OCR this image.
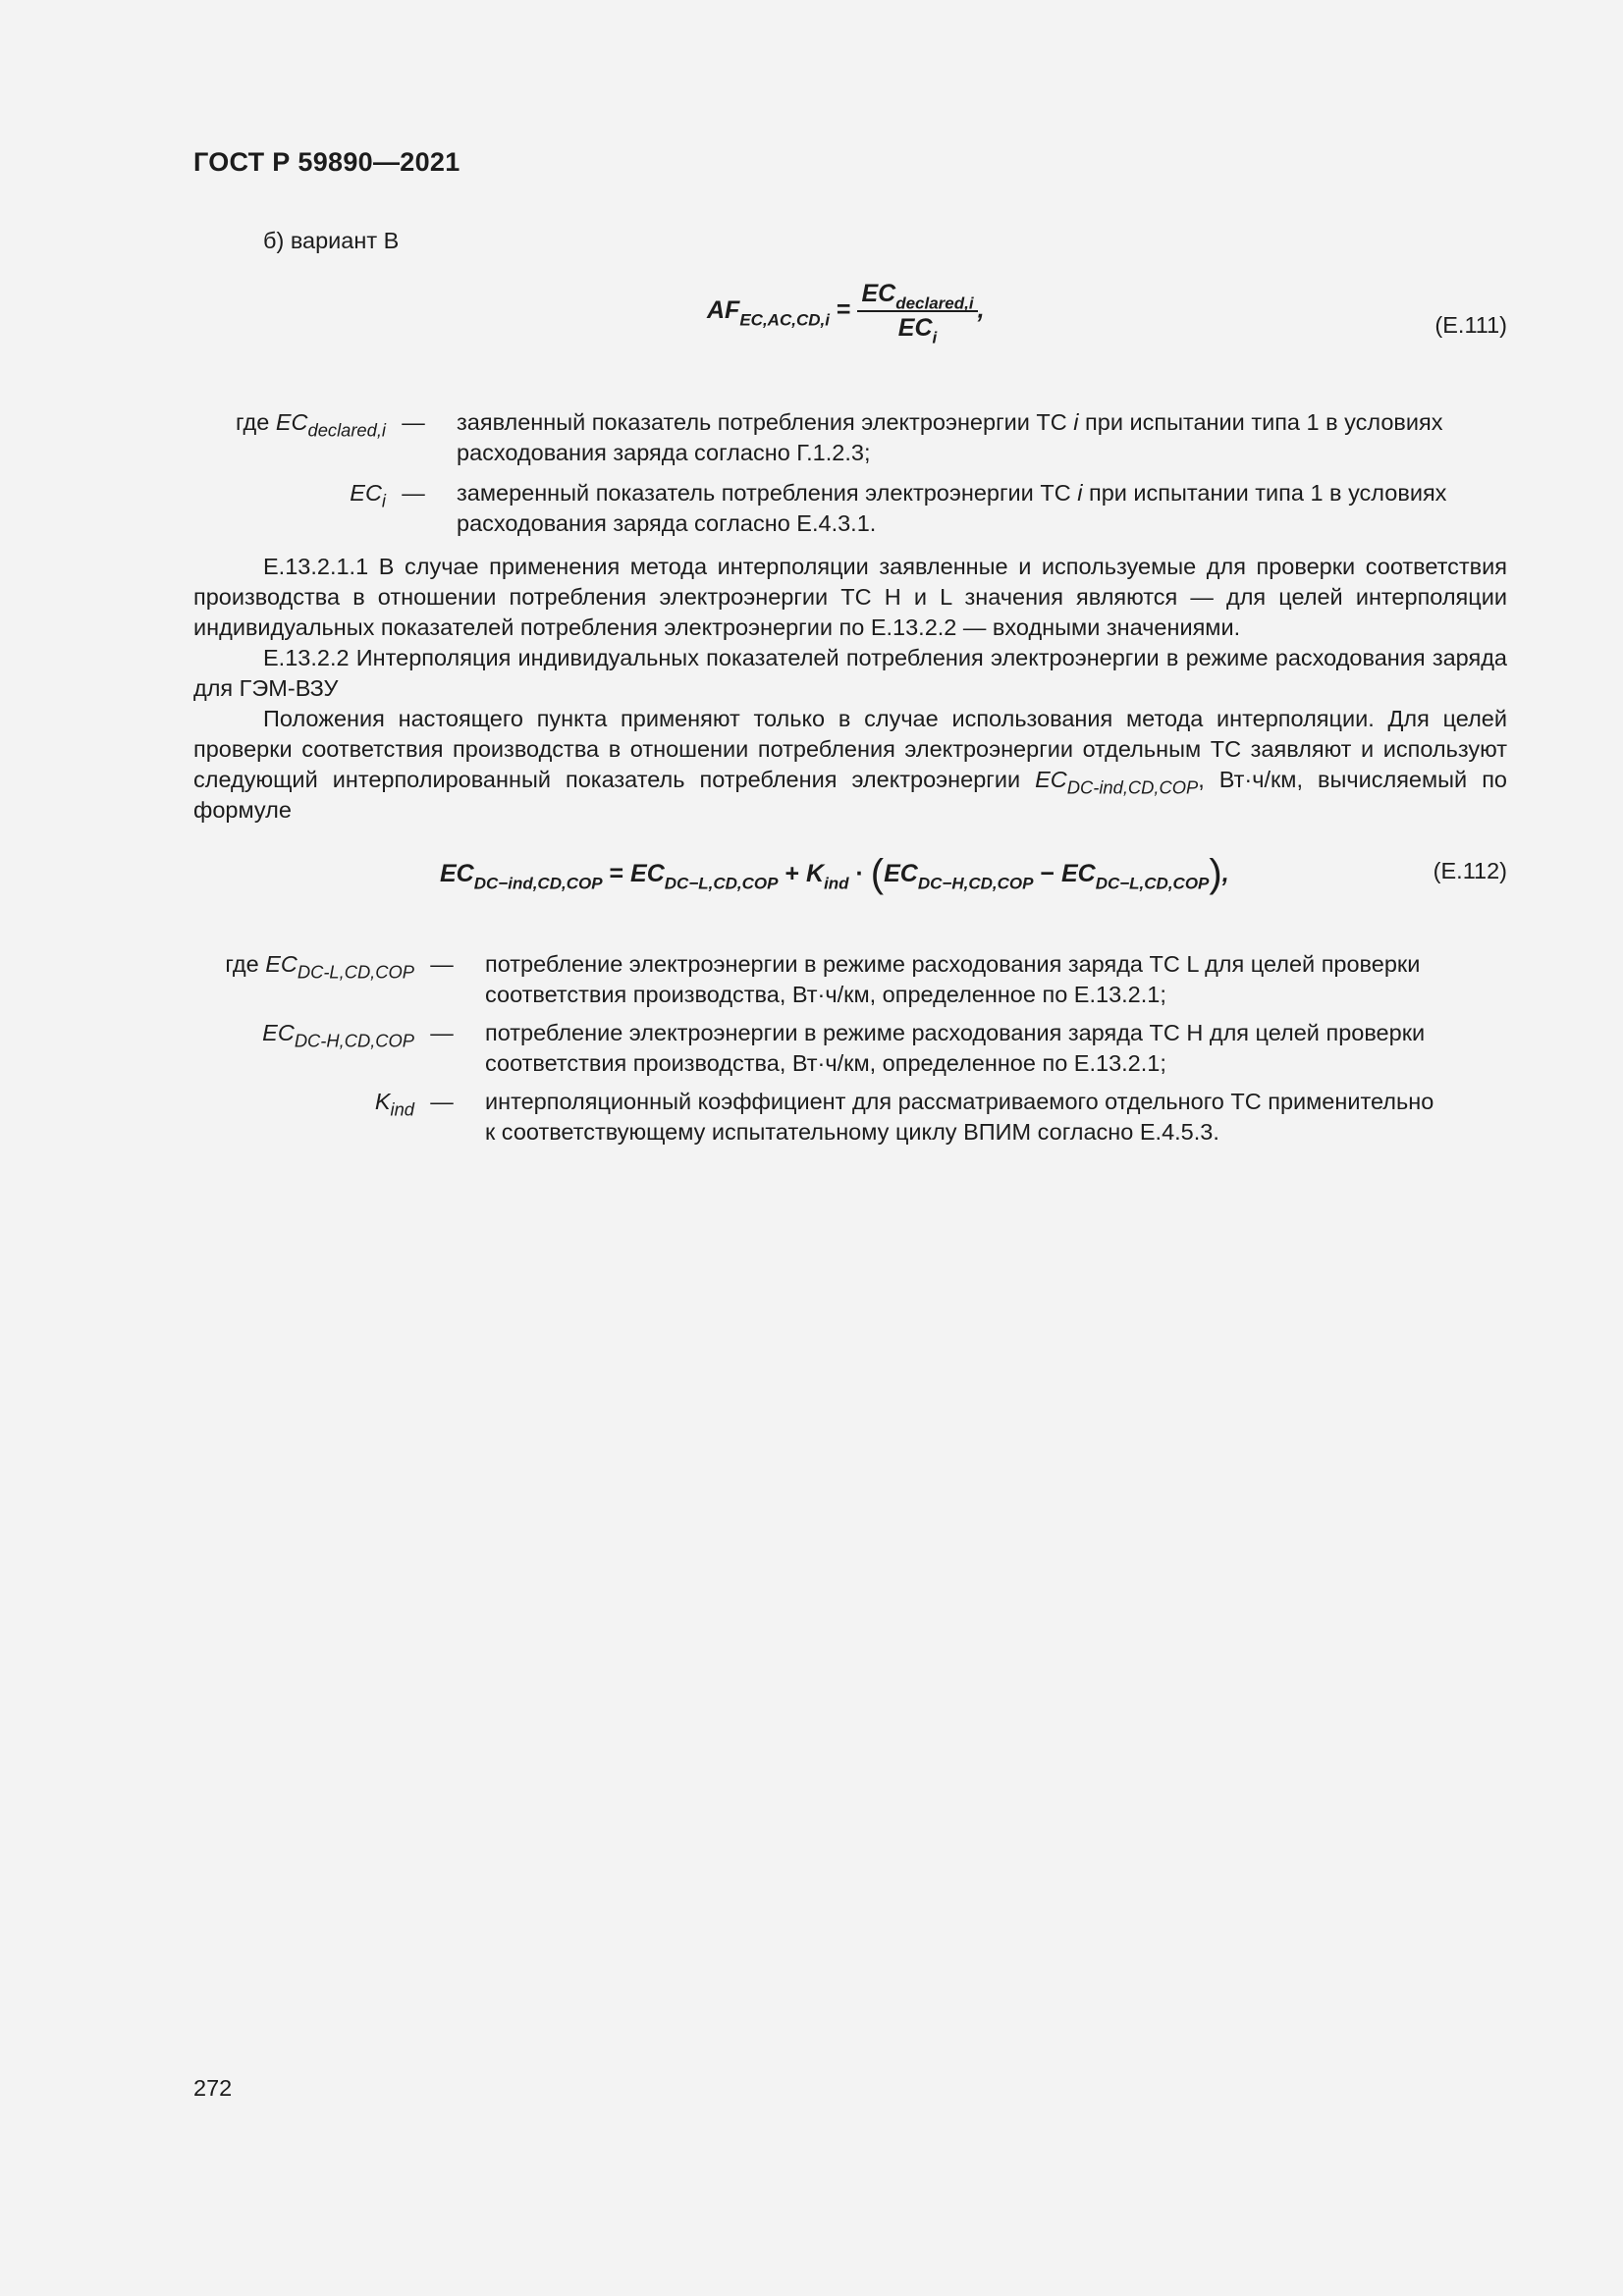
ГОСТ Р 59890—2021
б) вариант В
$AF_{EC,AC,CD,i} = \frac{EC_{declared,i}}{EC_i}$ ,
(Е.111)
где $EC_{declared,i}$ —	заявленный показатель потребления электроэнергии ТС i при испытании типа 1 в условиях
расходования заряда согласно Г.1.2.3;
$EC_i$ —	замеренный показатель потребления электроэнергии ТС i при испытании типа 1 в условиях
расходования заряда согласно Е.4.3.1.

Е.13.2.1.1 В случае применения метода интерполяции заявленные и используемые для проверки соответствия производства в отношении потребления электроэнергии ТС Н и L значения являются — для целей интерполяции индивидуальных показателей потребления электроэнергии по Е.13.2.2 — входными значениями.

Е.13.2.2 Интерполяция индивидуальных показателей потребления электроэнергии в режиме расходования заряда для ГЭМ-ВЗУ

Положения настоящего пункта применяют только в случае использования метода интерполяции. Для целей проверки соответствия производства в отношении потребления электроэнергии отдельным ТС заявляют и используют следующий интерполированный показатель потребления электроэнергии $EC_{DC-ind,CD,COP}$, Вт·ч/км, вычисляемый по формуле

$EC_{DC-ind,CD,COP} = EC_{DC-L,CD,COP} + K_{ind} \cdot (EC_{DC-H,CD,COP} - EC_{DC-L,CD,COP})$,	(Е.112)
где $EC_{DC-L,CD,COP}$ —	потребление электроэнергии в режиме расходования заряда ТС L для целей проверки
соответствия производства, Вт·ч/км, определенное по Е.13.2.1;
$EC_{DC-H,CD,COP}$ —	потребление электроэнергии в режиме расходования заряда ТС Н для целей проверки
соответствия производства, Вт·ч/км, определенное по Е.13.2.1;
$K_{ind}$ —	интерполяционный коэффициент для рассматриваемого отдельного ТС применительно
к соответствующему испытательному циклу ВПИМ согласно Е.4.5.3.
272
